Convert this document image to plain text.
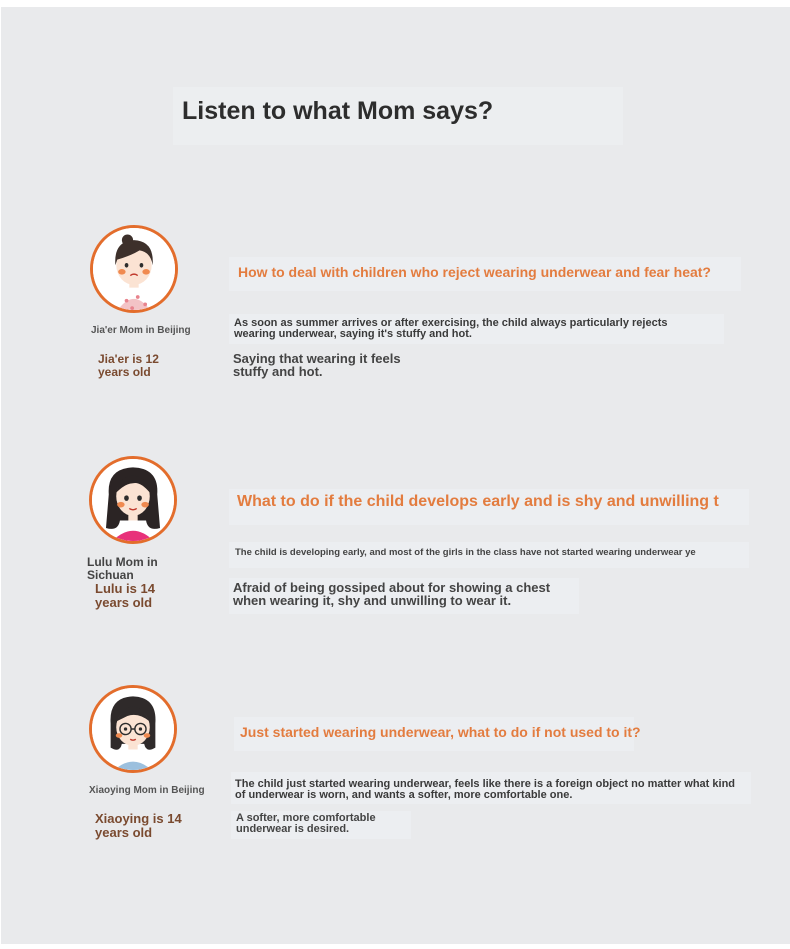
Listen to what Mom says?
Jia'er Mom in Beijing
Jia'er is 12 years old
How to deal with children who reject wearing underwear and fear heat?
As soon as summer arrives or after exercising, the child always particularly rejects wearing underwear, saying it's stuffy and hot.
Saying that wearing it feels stuffy and hot.
Lulu Mom in Sichuan
Lulu is 14 years old
What to do if the child develops early and is shy and unwilling t
The child is developing early, and most of the girls in the class have not started wearing underwear ye
Afraid of being gossiped about for showing a chest when wearing it, shy and unwilling to wear it.
Xiaoying Mom in Beijing
Xiaoying is 14 years old
Just started wearing underwear, what to do if not used to it?
The child just started wearing underwear, feels like there is a foreign object no matter what kind of underwear is worn, and wants a softer, more comfortable one.
A softer, more comfortable underwear is desired.
